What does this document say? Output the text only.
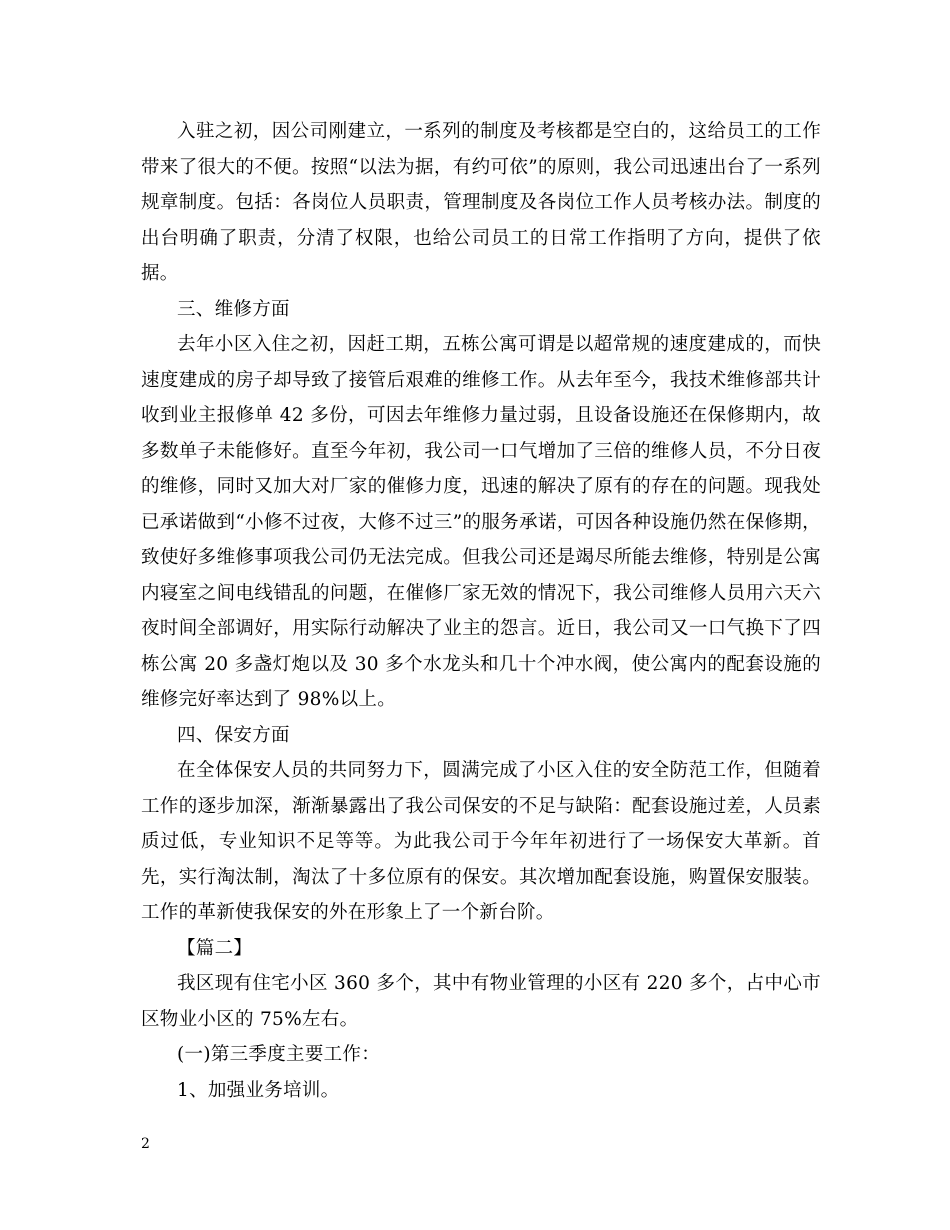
入驻之初，因公司刚建立，一系列的制度及考核都是空白的，这给员工的工作带来了很大的不便。按照“以法为据，有约可依”的原则，我公司迅速出台了一系列规章制度。包括：各岗位人员职责，管理制度及各岗位工作人员考核办法。制度的出台明确了职责，分清了权限，也给公司员工的日常工作指明了方向，提供了依据。

三、维修方面

去年小区入住之初，因赶工期，五栋公寓可谓是以超常规的速度建成的，而快速度建成的房子却导致了接管后艰难的维修工作。从去年至今，我技术维修部共计收到业主报修单 42 多份，可因去年维修力量过弱，且设备设施还在保修期内，故多数单子未能修好。直至今年初，我公司一口气增加了三倍的维修人员，不分日夜的维修，同时又加大对厂家的催修力度，迅速的解决了原有的存在的问题。现我处已承诺做到“小修不过夜，大修不过三”的服务承诺，可因各种设施仍然在保修期，致使好多维修事项我公司仍无法完成。但我公司还是竭尽所能去维修，特别是公寓内寝室之间电线错乱的问题，在催修厂家无效的情况下，我公司维修人员用六天六夜时间全部调好，用实际行动解决了业主的怨言。近日，我公司又一口气换下了四栋公寓 20 多盏灯炮以及 30 多个水龙头和几十个冲水阀，使公寓内的配套设施的维修完好率达到了 98%以上。

四、保安方面

在全体保安人员的共同努力下，圆满完成了小区入住的安全防范工作，但随着工作的逐步加深，渐渐暴露出了我公司保安的不足与缺陷：配套设施过差，人员素质过低，专业知识不足等等。为此我公司于今年年初进行了一场保安大革新。首先，实行淘汰制，淘汰了十多位原有的保安。其次增加配套设施，购置保安服装。工作的革新使我保安的外在形象上了一个新台阶。

【篇二】

我区现有住宅小区 360 多个，其中有物业管理的小区有 220 多个，占中心市区物业小区的 75%左右。

(一)第三季度主要工作：

1、加强业务培训。

2
